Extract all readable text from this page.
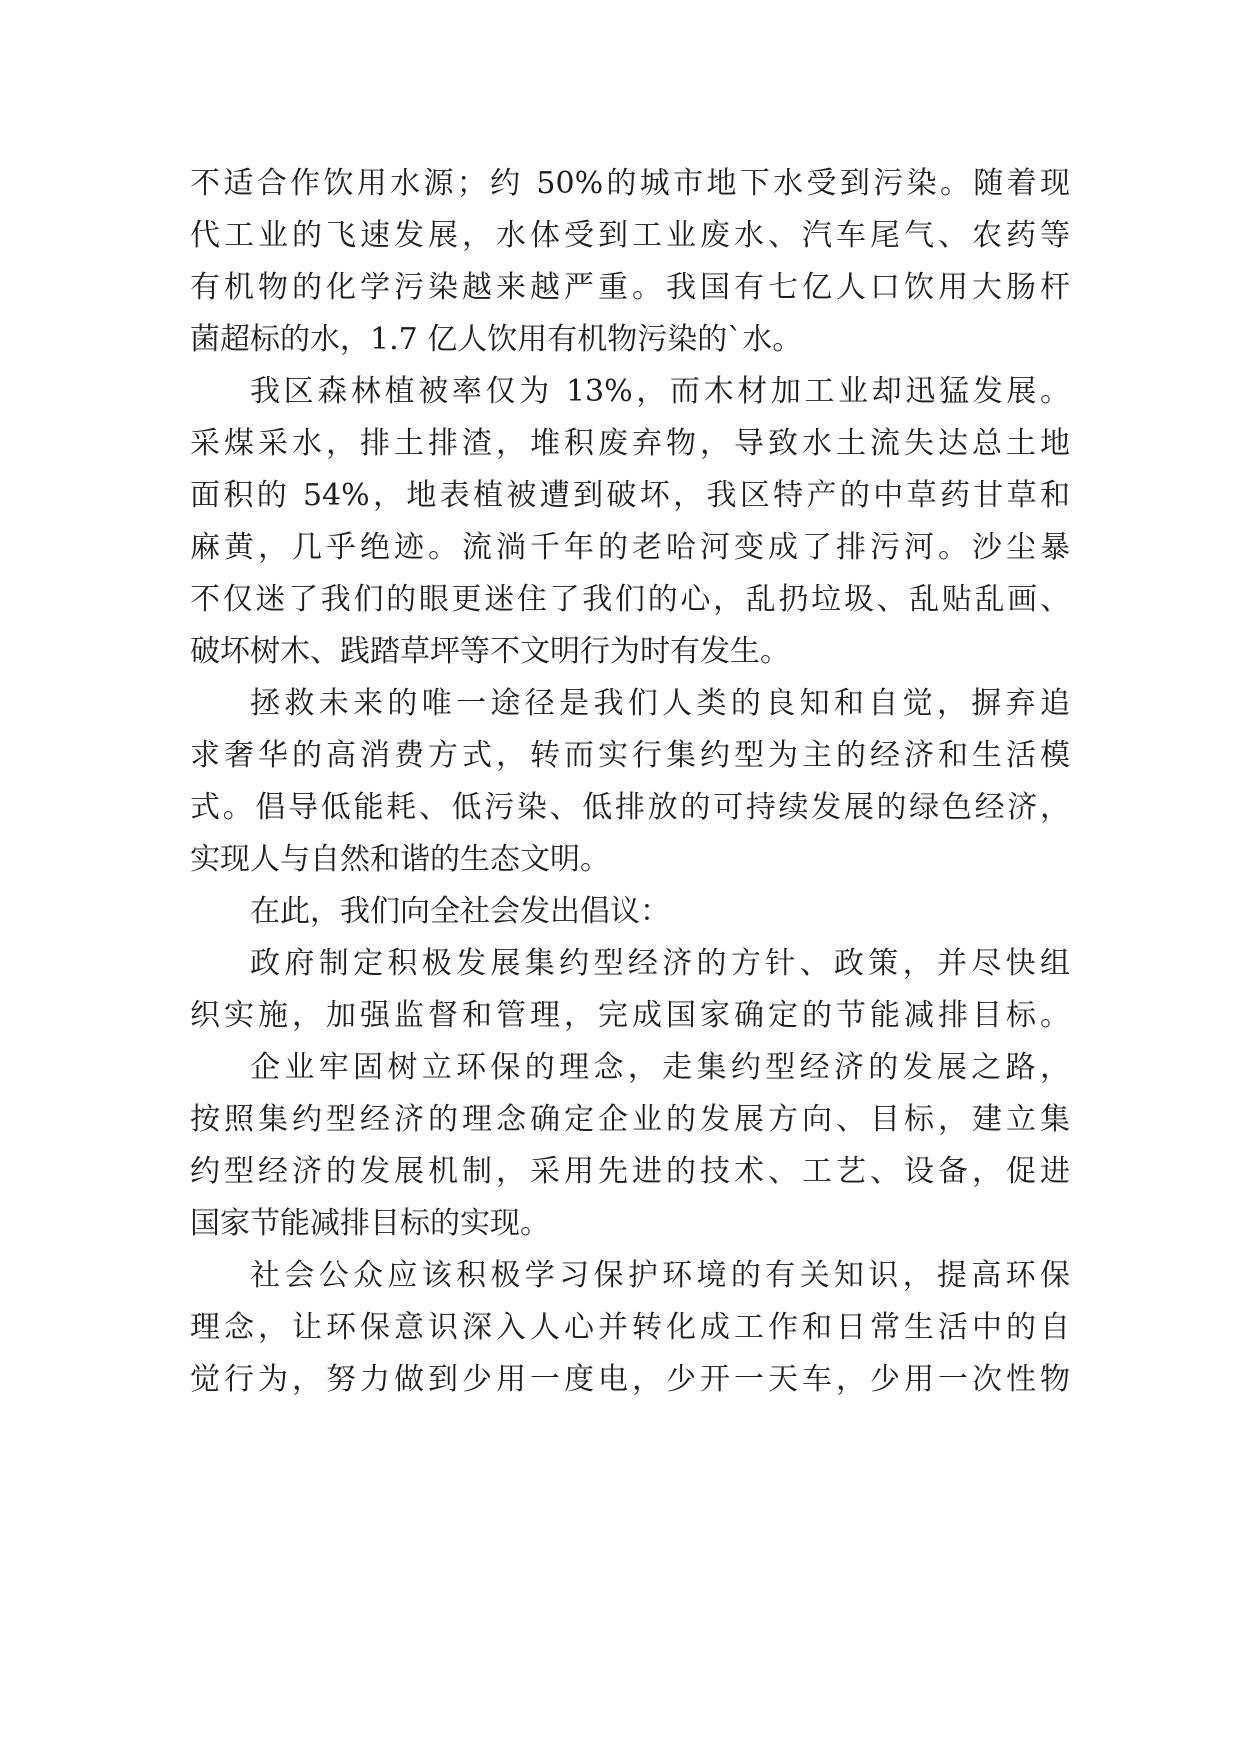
不适合作饮用水源；约 50%的城市地下水受到污染。随着现
代工业的飞速发展，水体受到工业废水、汽车尾气、农药等
有机物的化学污染越来越严重。我国有七亿人口饮用大肠杆
菌超标的水，1.7 亿人饮用有机物污染的`水。
我区森林植被率仅为 13%，而木材加工业却迅猛发展。
采煤采水，排土排渣，堆积废弃物，导致水土流失达总土地
面积的 54%，地表植被遭到破坏，我区特产的中草药甘草和
麻黄，几乎绝迹。流淌千年的老哈河变成了排污河。沙尘暴
不仅迷了我们的眼更迷住了我们的心，乱扔垃圾、乱贴乱画、
破坏树木、践踏草坪等不文明行为时有发生。
拯救未来的唯一途径是我们人类的良知和自觉，摒弃追
求奢华的高消费方式，转而实行集约型为主的经济和生活模
式。倡导低能耗、低污染、低排放的可持续发展的绿色经济，
实现人与自然和谐的生态文明。
在此，我们向全社会发出倡议：
政府制定积极发展集约型经济的方针、政策，并尽快组
织实施，加强监督和管理，完成国家确定的节能减排目标。
企业牢固树立环保的理念，走集约型经济的发展之路，
按照集约型经济的理念确定企业的发展方向、目标，建立集
约型经济的发展机制，采用先进的技术、工艺、设备，促进
国家节能减排目标的实现。
社会公众应该积极学习保护环境的有关知识，提高环保
理念，让环保意识深入人心并转化成工作和日常生活中的自
觉行为，努力做到少用一度电，少开一天车，少用一次性物
